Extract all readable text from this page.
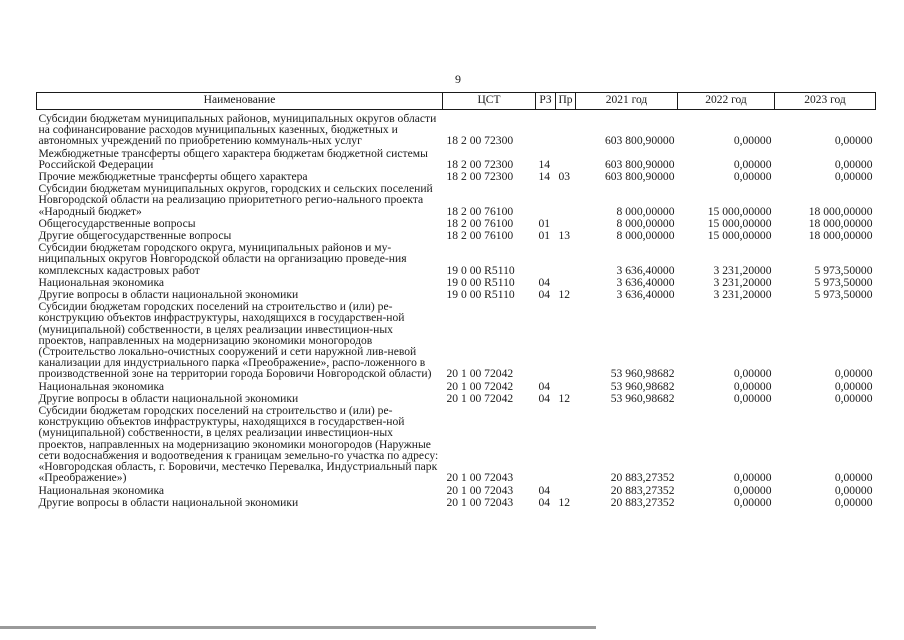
9
Наименование	ЦСТ	РЗ	Пр	2021 год	2022 год	2023 год
Субсидии бюджетам муниципальных районов, муниципальных округов области на софинансирование расходов муниципальных казенных, бюджетных и автономных учреждений по приобретению коммуналь-ных услуг	18 2 00 72300			603 800,90000	0,00000	0,00000
Межбюджетные трансферты общего характера бюджетам бюджетной системы Российской Федерации	18 2 00 72300	14		603 800,90000	0,00000	0,00000
Прочие межбюджетные трансферты общего характера	18 2 00 72300	14	03	603 800,90000	0,00000	0,00000
Субсидии бюджетам муниципальных округов, городских и сельских поселений Новгородской области на реализацию приоритетного регио-нального проекта «Народный бюджет»	18 2 00 76100			8 000,00000	15 000,00000	18 000,00000
Общегосударственные вопросы	18 2 00 76100	01		8 000,00000	15 000,00000	18 000,00000
Другие общегосударственные вопросы	18 2 00 76100	01	13	8 000,00000	15 000,00000	18 000,00000
Субсидии бюджетам городского округа, муниципальных районов и му-ниципальных округов Новгородской области на организацию проведе-ния комплексных кадастровых работ	19 0 00 R5110			3 636,40000	3 231,20000	5 973,50000
Национальная экономика	19 0 00 R5110	04		3 636,40000	3 231,20000	5 973,50000
Другие вопросы в области национальной экономики	19 0 00 R5110	04	12	3 636,40000	3 231,20000	5 973,50000
Субсидии бюджетам городских поселений на строительство и (или) ре-конструкцию объектов инфраструктуры, находящихся в государствен-ной (муниципальной) собственности, в целях реализации инвестицион-ных проектов, направленных на модернизацию экономики моногородов (Строительство локально-очистных сооружений и сети наружной лив-невой канализации для индустриального парка «Преображение», распо-ложенного в производственной зоне на территории города Боровичи Новгородской области)	20 1 00 72042			53 960,98682	0,00000	0,00000
Национальная экономика	20 1 00 72042	04		53 960,98682	0,00000	0,00000
Другие вопросы в области национальной экономики	20 1 00 72042	04	12	53 960,98682	0,00000	0,00000
Субсидии бюджетам городских поселений на строительство и (или) ре-конструкцию объектов инфраструктуры, находящихся в государствен-ной (муниципальной) собственности, в целях реализации инвестицион-ных проектов, направленных на модернизацию экономики моногородов (Наружные сети водоснабжения и водоотведения к границам земельно-го участка по адресу: «Новгородская область, г. Боровичи, местечко Перевалка, Индустриальный парк «Преображение»)	20 1 00 72043			20 883,27352	0,00000	0,00000
Национальная экономика	20 1 00 72043	04		20 883,27352	0,00000	0,00000
Другие вопросы в области национальной экономики	20 1 00 72043	04	12	20 883,27352	0,00000	0,00000
